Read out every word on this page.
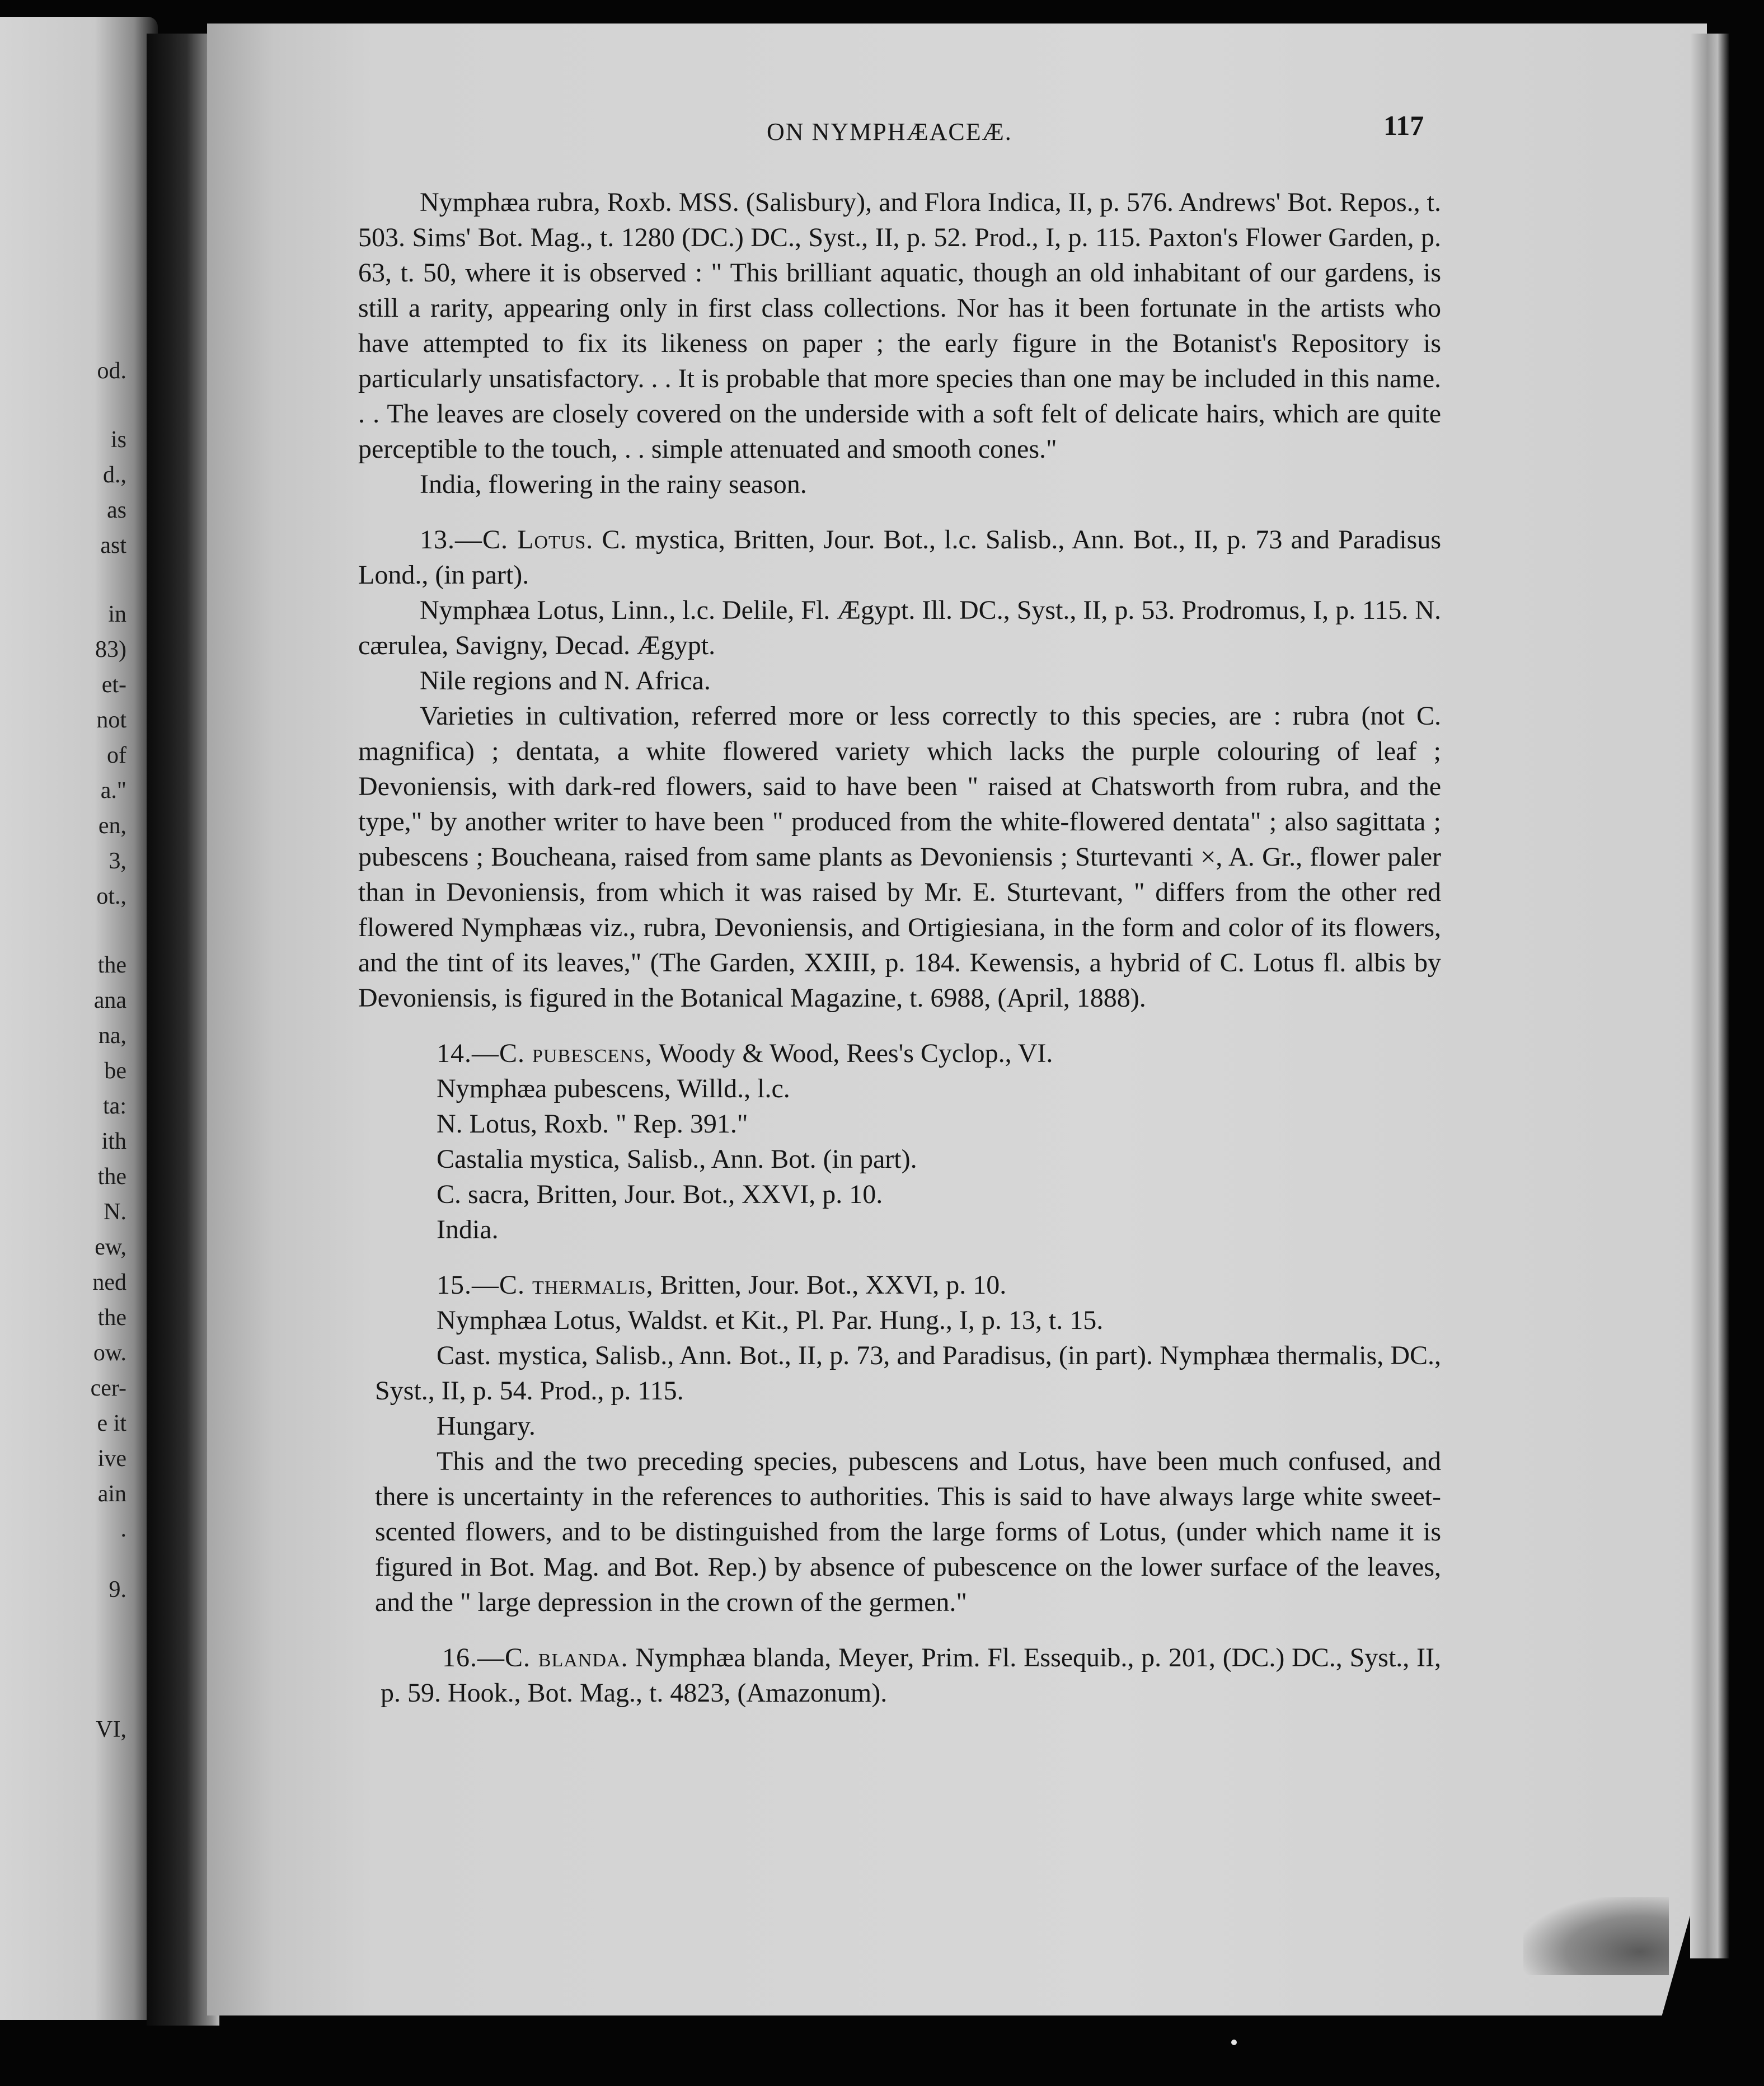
od.
is
d.,
as
ast
in
83)
et-
not
of
a."
en,
3,
ot.,
the
ana
na,
be
ta:
ith
the
N.
ew,
ned
the
ow.
cer-
e it
ive
ain
.
9.
VI,
ON NYMPHÆACEÆ.	117

Nymphæa rubra, Roxb. MSS. (Salisbury), and Flora Indica, II, p. 576. Andrews' Bot. Repos., t. 503. Sims' Bot. Mag., t. 1280 (DC.) DC., Syst., II, p. 52. Prod., I, p. 115. Paxton's Flower Garden, p. 63, t. 50, where it is observed : " This brilliant aquatic, though an old inhabitant of our gardens, is still a rarity, appearing only in first class collections. Nor has it been fortunate in the artists who have attempted to fix its likeness on paper ; the early figure in the Botanist's Repository is particularly unsatisfactory. . . It is probable that more species than one may be included in this name. . . The leaves are closely covered on the underside with a soft felt of delicate hairs, which are quite perceptible to the touch, . . simple attenuated and smooth cones."

India, flowering in the rainy season.

13.—C. Lotus. C. mystica, Britten, Jour. Bot., l.c. Salisb., Ann. Bot., II, p. 73 and Paradisus Lond., (in part).

Nymphæa Lotus, Linn., l.c. Delile, Fl. Ægypt. Ill. DC., Syst., II, p. 53. Prodromus, I, p. 115. N. cærulea, Savigny, Decad. Ægypt.

Nile regions and N. Africa.

Varieties in cultivation, referred more or less correctly to this species, are : rubra (not C. magnifica) ; dentata, a white flowered variety which lacks the purple colouring of leaf ; Devoniensis, with dark-red flowers, said to have been " raised at Chatsworth from rubra, and the type," by another writer to have been " produced from the white-flowered dentata" ; also sagittata ; pubescens ; Boucheana, raised from same plants as Devoniensis ; Sturtevanti ×, A. Gr., flower paler than in Devoniensis, from which it was raised by Mr. E. Sturtevant, " differs from the other red flowered Nymphæas viz., rubra, Devoniensis, and Ortigiesiana, in the form and color of its flowers, and the tint of its leaves," (The Garden, XXIII, p. 184. Kewensis, a hybrid of C. Lotus fl. albis by Devoniensis, is figured in the Botanical Magazine, t. 6988, (April, 1888).

14.—C. pubescens, Woody & Wood, Rees's Cyclop., VI.

Nymphæa pubescens, Willd., l.c.

N. Lotus, Roxb. " Rep. 391."

Castalia mystica, Salisb., Ann. Bot. (in part).

C. sacra, Britten, Jour. Bot., XXVI, p. 10.

India.

15.—C. thermalis, Britten, Jour. Bot., XXVI, p. 10.

Nymphæa Lotus, Waldst. et Kit., Pl. Par. Hung., I, p. 13, t. 15.

Cast. mystica, Salisb., Ann. Bot., II, p. 73, and Paradisus, (in part). Nymphæa thermalis, DC., Syst., II, p. 54. Prod., p. 115.

Hungary.

This and the two preceding species, pubescens and Lotus, have been much confused, and there is uncertainty in the references to authorities. This is said to have always large white sweet-scented flowers, and to be distinguished from the large forms of Lotus, (under which name it is figured in Bot. Mag. and Bot. Rep.) by absence of pubescence on the lower surface of the leaves, and the " large depression in the crown of the germen."

16.—C. blanda. Nymphæa blanda, Meyer, Prim. Fl. Essequib., p. 201, (DC.) DC., Syst., II, p. 59. Hook., Bot. Mag., t. 4823, (Amazonum).
